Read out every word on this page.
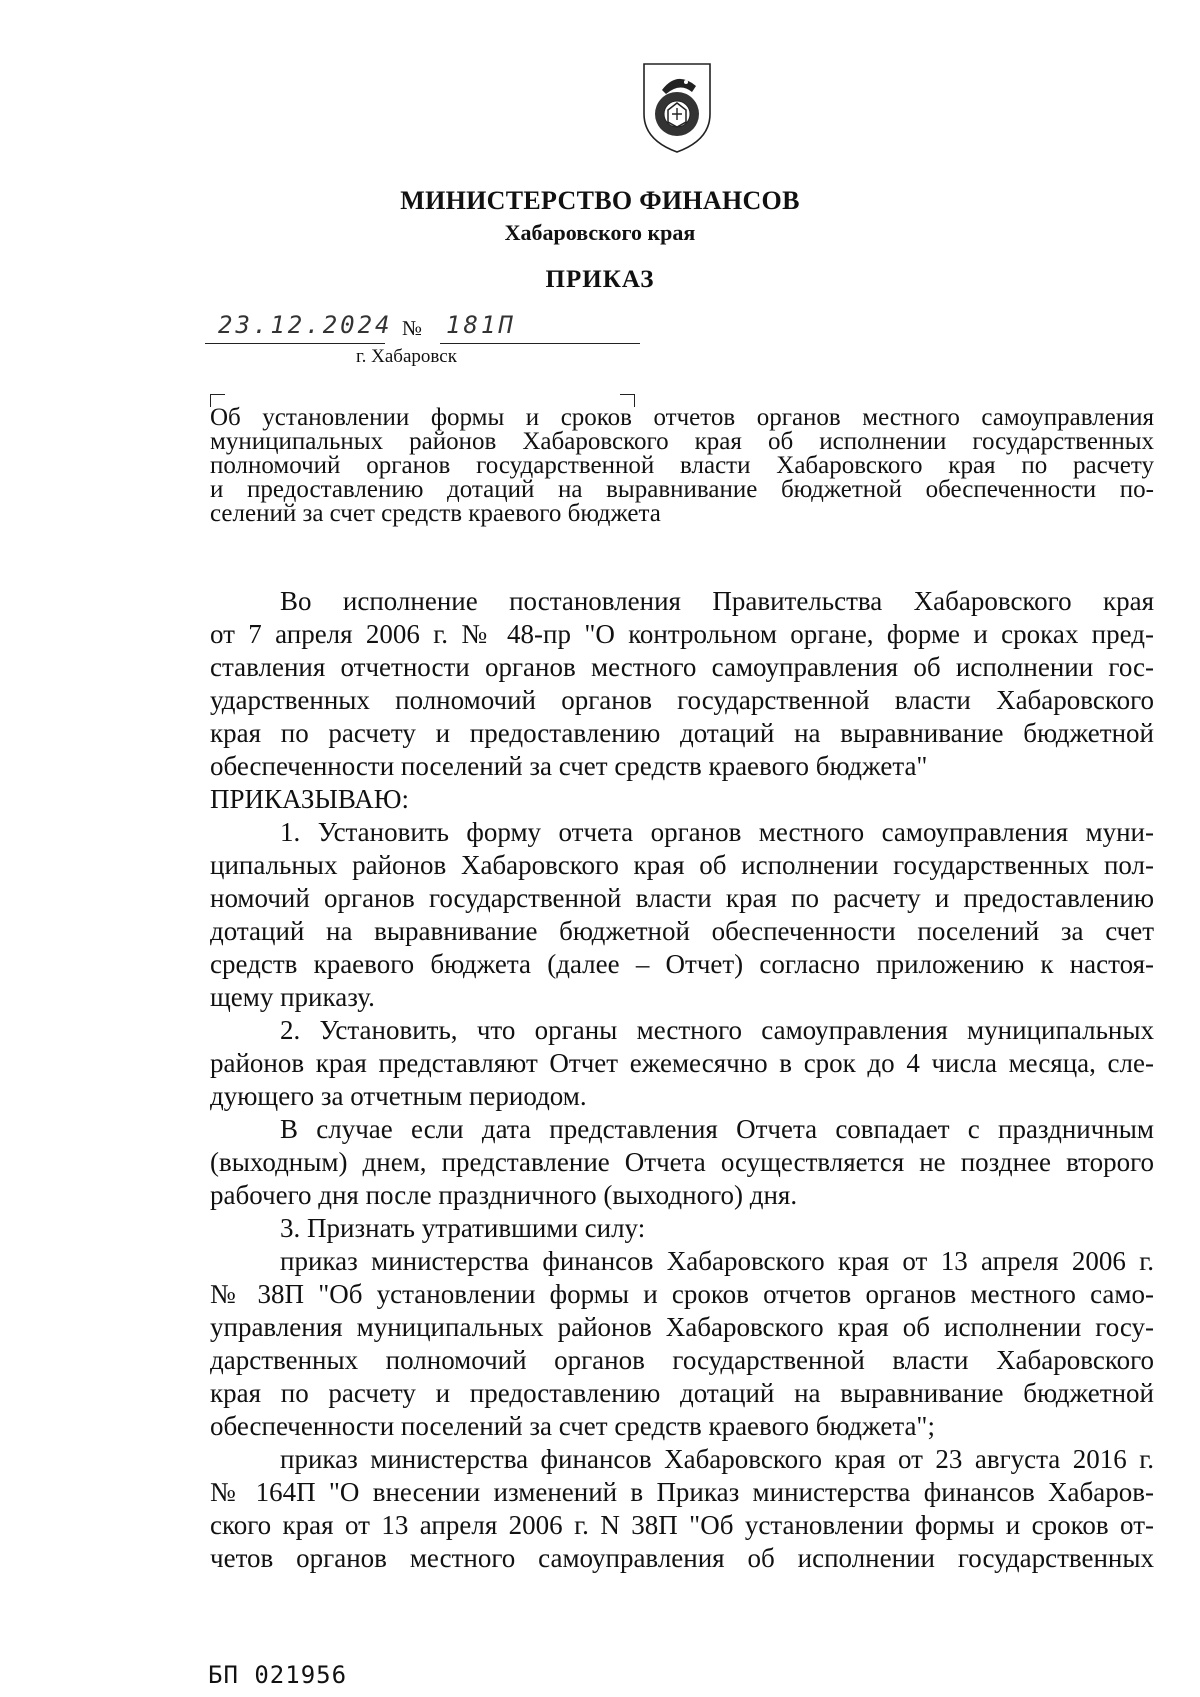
МИНИСТЕРСТВО ФИНАНСОВ
Хабаровского края
ПРИКАЗ
23.12.2024 № 181П
г. Хабаровск
Об установлении формы и сроков отчетов органов местного самоуправления
муниципальных районов Хабаровского края об исполнении государственных
полномочий органов государственной власти Хабаровского края по расчету
и предоставлению дотаций на выравнивание бюджетной обеспеченности по-
селений за счет средств краевого бюджета
Во исполнение постановления Правительства Хабаровского края
от 7 апреля 2006 г. № 48-пр "О контрольном органе, форме и сроках пред-
ставления отчетности органов местного самоуправления об исполнении гос-
ударственных полномочий органов государственной власти Хабаровского
края по расчету и предоставлению дотаций на выравнивание бюджетной
обеспеченности поселений за счет средств краевого бюджета"
ПРИКАЗЫВАЮ:
1. Установить форму отчета органов местного самоуправления муни-
ципальных районов Хабаровского края об исполнении государственных пол-
номочий органов государственной власти края по расчету и предоставлению
дотаций на выравнивание бюджетной обеспеченности поселений за счет
средств краевого бюджета (далее – Отчет) согласно приложению к настоя-
щему приказу.
2. Установить, что органы местного самоуправления муниципальных
районов края представляют Отчет ежемесячно в срок до 4 числа месяца, сле-
дующего за отчетным периодом.
В случае если дата представления Отчета совпадает с праздничным
(выходным) днем, представление Отчета осуществляется не позднее второго
рабочего дня после праздничного (выходного) дня.
3. Признать утратившими силу:
приказ министерства финансов Хабаровского края от 13 апреля 2006 г.
№ 38П "Об установлении формы и сроков отчетов органов местного само-
управления муниципальных районов Хабаровского края об исполнении госу-
дарственных полномочий органов государственной власти Хабаровского
края по расчету и предоставлению дотаций на выравнивание бюджетной
обеспеченности поселений за счет средств краевого бюджета";
приказ министерства финансов Хабаровского края от 23 августа 2016 г.
№ 164П "О внесении изменений в Приказ министерства финансов Хабаров-
ского края от 13 апреля 2006 г. N 38П "Об установлении формы и сроков от-
четов органов местного самоуправления об исполнении государственных
БП 021956
